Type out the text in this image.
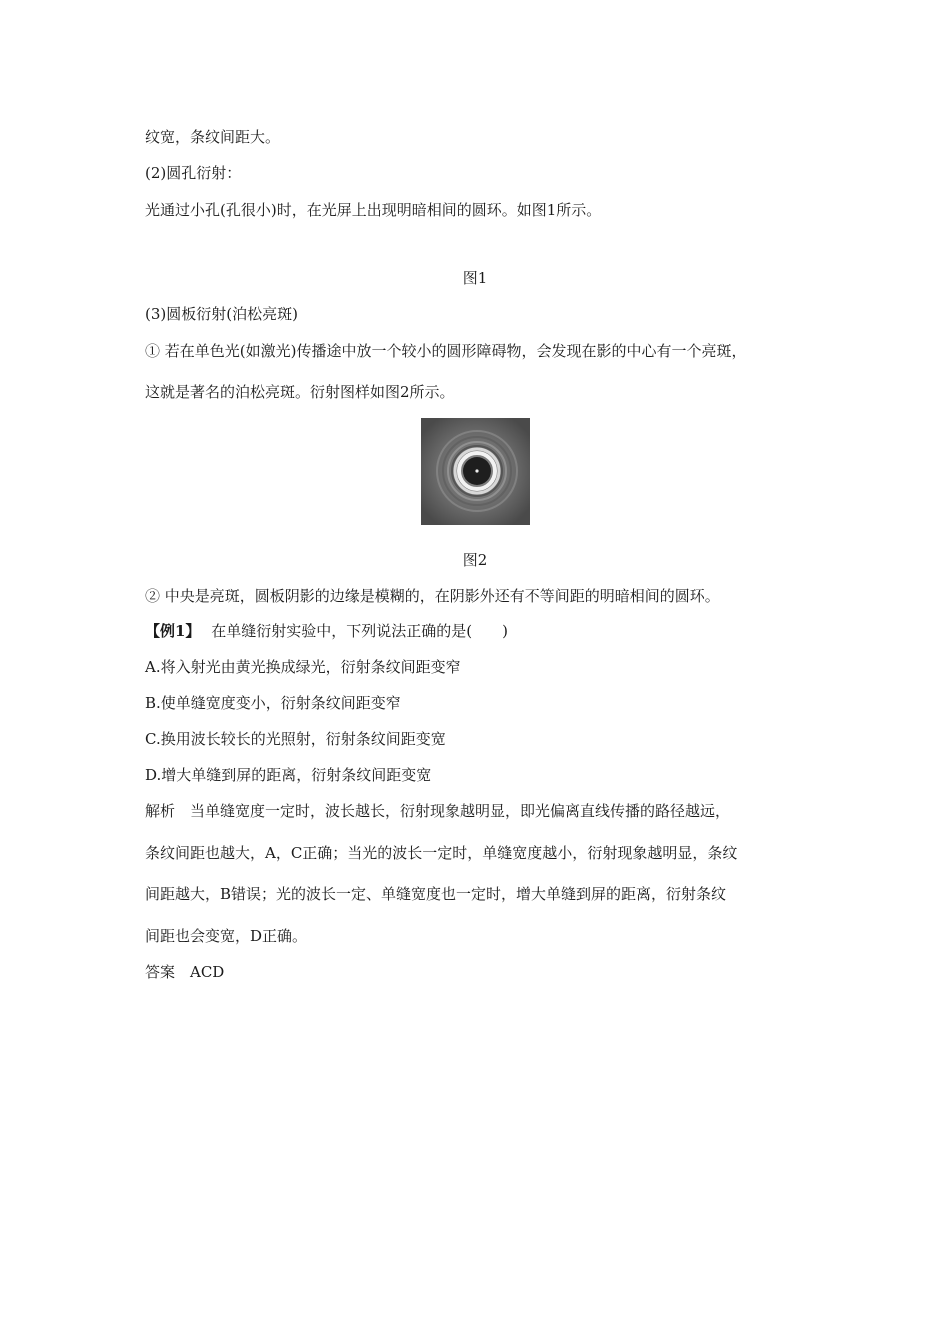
纹宽，条纹间距大。
(2)圆孔衍射：
光通过小孔(孔很小)时，在光屏上出现明暗相间的圆环。如图1所示。
图1
(3)圆板衍射(泊松亮斑)
① 若在单色光(如激光)传播途中放一个较小的圆形障碍物，会发现在影的中心有一个亮斑，
这就是著名的泊松亮斑。衍射图样如图2所示。
图2
② 中央是亮斑，圆板阴影的边缘是模糊的，在阴影外还有不等间距的明暗相间的圆环。
【例1】 在单缝衍射实验中，下列说法正确的是(　　)
A.将入射光由黄光换成绿光，衍射条纹间距变窄
B.使单缝宽度变小，衍射条纹间距变窄
C.换用波长较长的光照射，衍射条纹间距变宽
D.增大单缝到屏的距离，衍射条纹间距变宽
解析　当单缝宽度一定时，波长越长，衍射现象越明显，即光偏离直线传播的路径越远，
条纹间距也越大，A，C正确；当光的波长一定时，单缝宽度越小，衍射现象越明显，条纹
间距越大，B错误；光的波长一定、单缝宽度也一定时，增大单缝到屏的距离，衍射条纹
间距也会变宽，D正确。
答案　ACD
